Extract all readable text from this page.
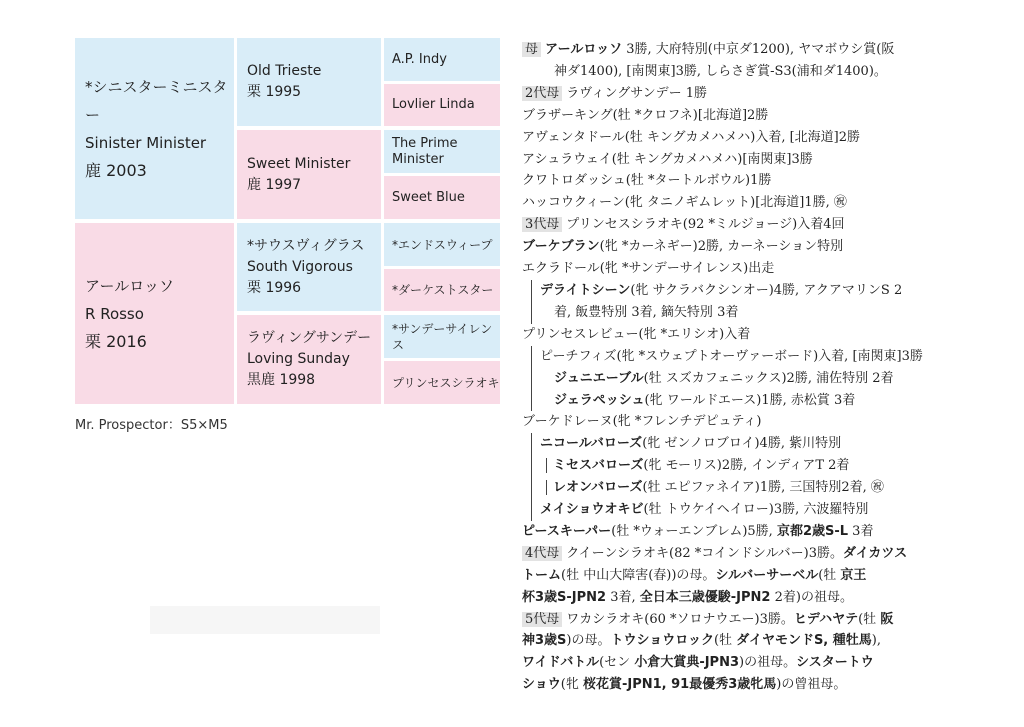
*シニスターミニスター
Sinister Minister
鹿 2003
アールロッソ
R Rosso
栗 2016
Old Trieste
栗 1995
Sweet Minister
鹿 1997
*サウスヴィグラス
South Vigorous
栗 1996
ラヴィングサンデー
Loving Sunday
黒鹿 1998
A.P. Indy
Lovlier Linda
The Prime Minister
Sweet Blue
*エンドスウィープ
*ダーケストスター
*サンデーサイレンス
プリンセスシラオキ
Mr. Prospector：S5×M5
母 アールロッソ 3勝, 大府特別(中京ダ1200), ヤマボウシ賞(阪
神ダ1400), [南関東]3勝, しらさぎ賞-S3(浦和ダ1400)。
2代母 ラヴィングサンデー 1勝
ブラザーキング(牡 *クロフネ)[北海道]2勝
アヴェンタドール(牡 キングカメハメハ)入着, [北海道]2勝
アシュラウェイ(牡 キングカメハメハ)[南関東]3勝
クワトロダッシュ(牡 *タートルボウル)1勝
ハッコウクィーン(牝 タニノギムレット)[北海道]1勝, ㊗
3代母 プリンセスシラオキ(92 *ミルジョージ)入着4回
ブーケブラン(牝 *カーネギー)2勝, カーネーション特別
エクラドール(牝 *サンデーサイレンス)出走
デライトシーン(牝 サクラバクシンオー)4勝, アクアマリンS 2
着, 飯豊特別 3着, 鏑矢特別 3着
プリンセスレビュー(牝 *エリシオ)入着
ピーチフィズ(牝 *スウェプトオーヴァーボード)入着, [南関東]3勝
ジュニエーブル(牡 スズカフェニックス)2勝, 浦佐特別 2着
ジェラペッシュ(牝 ワールドエース)1勝, 赤松賞 3着
ブーケドレーヌ(牝 *フレンチデピュティ)
ニコールバローズ(牝 ゼンノロブロイ)4勝, 紫川特別
ミセスバローズ(牝 モーリス)2勝, インディアT 2着
レオンバローズ(牡 エピファネイア)1勝, 三国特別2着, ㊗
メイショウオキビ(牡 トウケイヘイロー)3勝, 六波羅特別
ピースキーパー(牡 *ウォーエンブレム)5勝, 京都2歳S-L 3着
4代母 クイーンシラオキ(82 *コインドシルバー)3勝。ダイカツス
トーム(牡 中山大障害(春))の母。シルバーサーベル(牡 京王
杯3歳S-JPN2 3着, 全日本三歳優駿-JPN2 2着)の祖母。
5代母 ワカシラオキ(60 *ソロナウエー)3勝。ヒデハヤテ(牡 阪
神3歳S)の母。トウショウロック(牡 ダイヤモンドS, 種牡馬),
ワイドバトル(セン 小倉大賞典-JPN3)の祖母。シスタートウ
ショウ(牝 桜花賞-JPN1, 91最優秀3歳牝馬)の曾祖母。
